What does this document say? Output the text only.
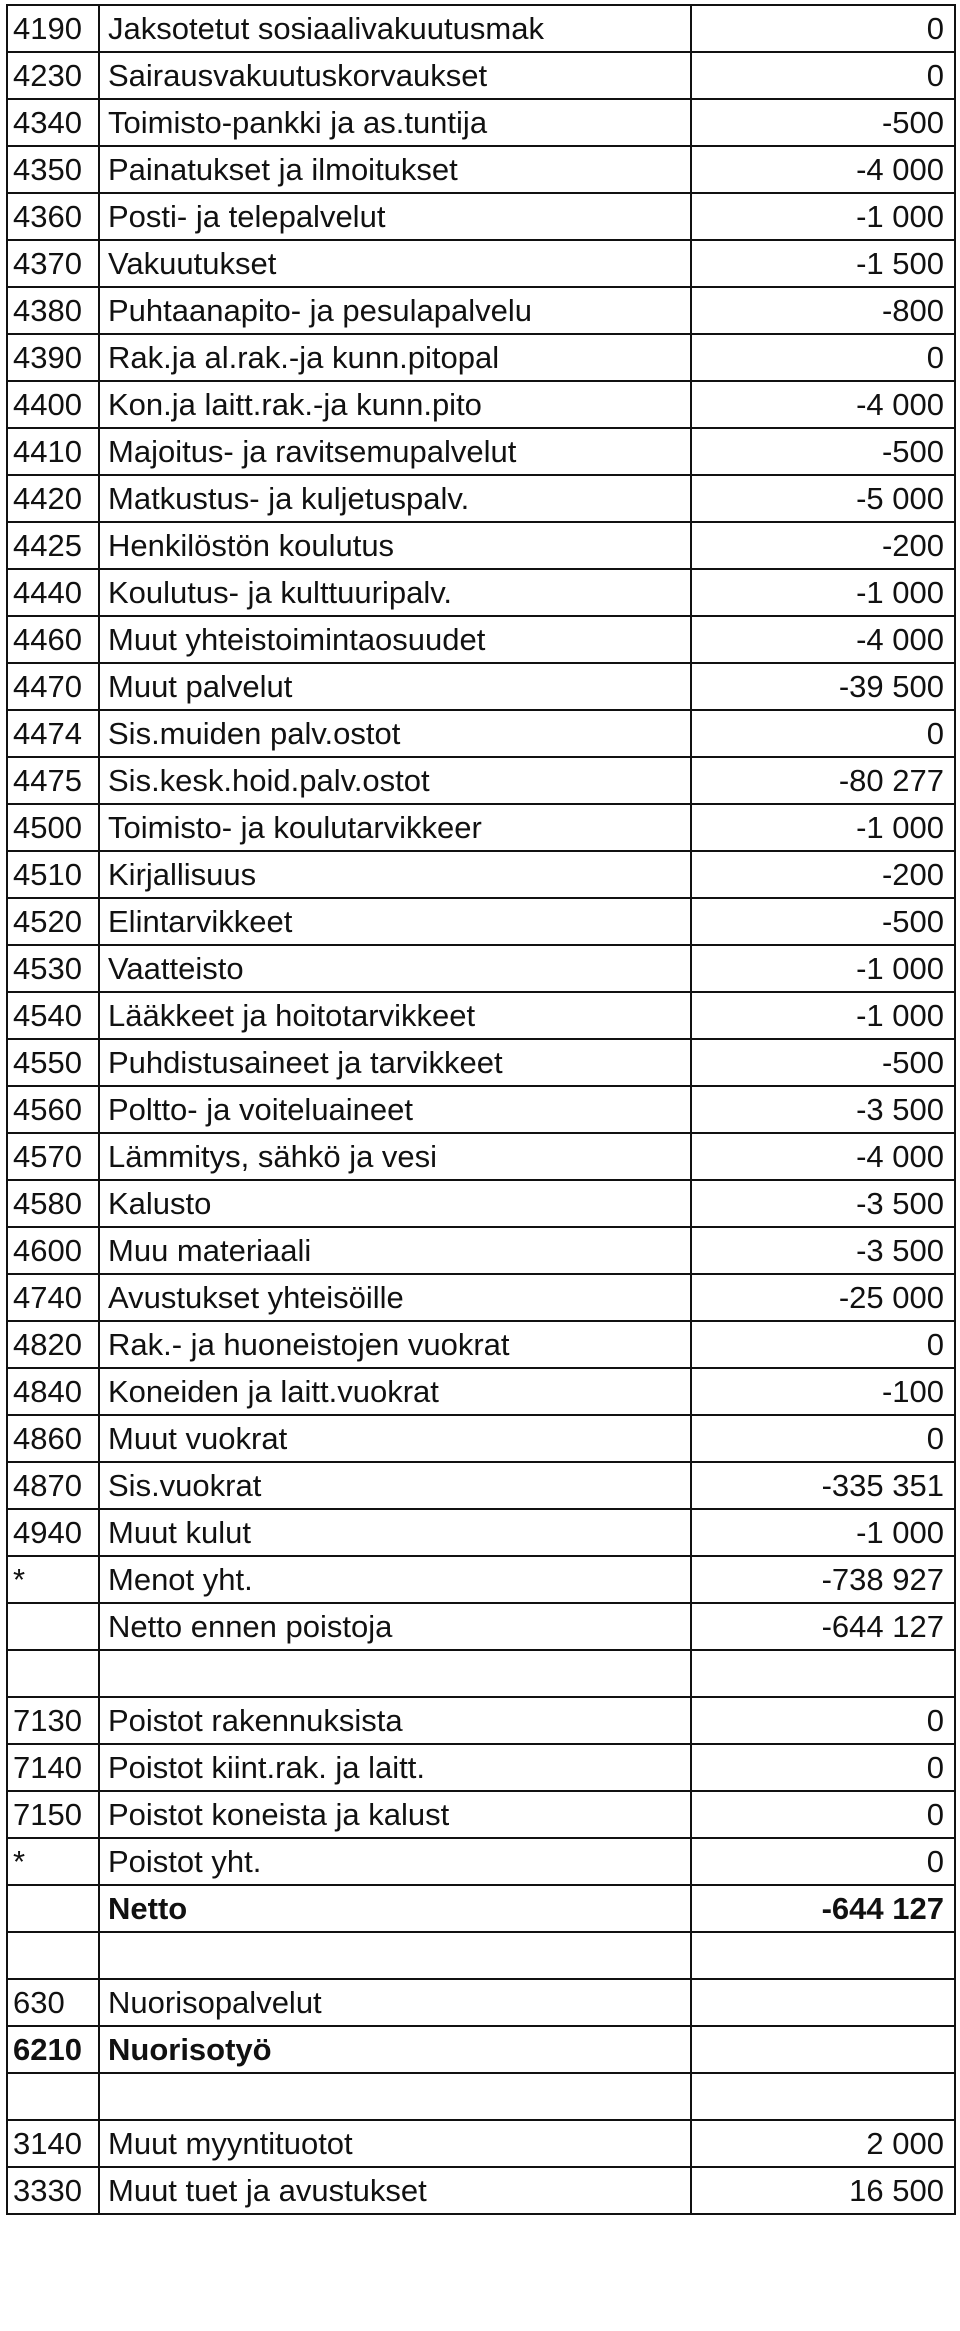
4190	Jaksotetut sosiaalivakuutusmak	0
4230	Sairausvakuutuskorvaukset	0
4340	Toimisto-pankki ja as.tuntija	-500
4350	Painatukset ja ilmoitukset	-4 000
4360	Posti- ja telepalvelut	-1 000
4370	Vakuutukset	-1 500
4380	Puhtaanapito- ja pesulapalvelu	-800
4390	Rak.ja al.rak.-ja kunn.pitopal	0
4400	Kon.ja laitt.rak.-ja kunn.pito	-4 000
4410	Majoitus- ja ravitsemupalvelut	-500
4420	Matkustus- ja kuljetuspalv.	-5 000
4425	Henkilöstön koulutus	-200
4440	Koulutus- ja kulttuuripalv.	-1 000
4460	Muut yhteistoimintaosuudet	-4 000
4470	Muut palvelut	-39 500
4474	Sis.muiden palv.ostot	0
4475	Sis.kesk.hoid.palv.ostot	-80 277
4500	Toimisto- ja koulutarvikkeer	-1 000
4510	Kirjallisuus	-200
4520	Elintarvikkeet	-500
4530	Vaatteisto	-1 000
4540	Lääkkeet ja hoitotarvikkeet	-1 000
4550	Puhdistusaineet ja tarvikkeet	-500
4560	Poltto- ja voiteluaineet	-3 500
4570	Lämmitys, sähkö ja vesi	-4 000
4580	Kalusto	-3 500
4600	Muu materiaali	-3 500
4740	Avustukset yhteisöille	-25 000
4820	Rak.- ja huoneistojen vuokrat	0
4840	Koneiden ja laitt.vuokrat	-100
4860	Muut vuokrat	0
4870	Sis.vuokrat	-335 351
4940	Muut kulut	-1 000
*	Menot yht.	-738 927
	Netto ennen poistoja	-644 127

7130	Poistot rakennuksista	0
7140	Poistot kiint.rak. ja laitt.	0
7150	Poistot koneista ja kalust	0
*	Poistot yht.	0
	Netto	-644 127

630	Nuorisopalvelut	
6210	Nuorisotyö	

3140	Muut myyntituotot	2 000
3330	Muut tuet ja avustukset	16 500
